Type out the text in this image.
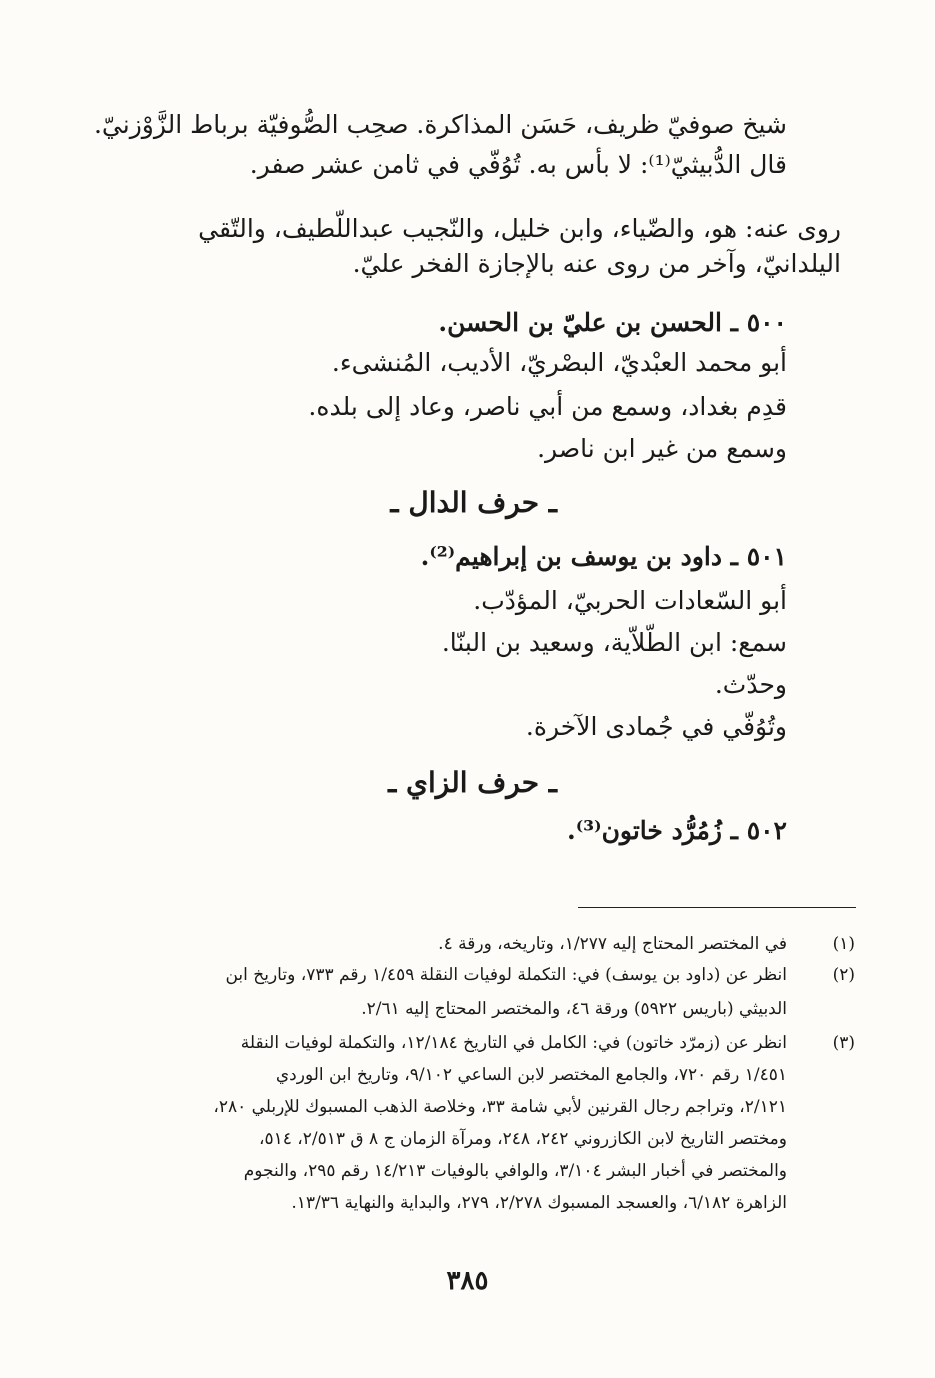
شيخ صوفيّ ظريف، حَسَن المذاكرة. صحِب الصُّوفيّة برباط الزَّوْزنيّ.
قال الدُّبيثيّ⁽¹⁾: لا بأس به. تُوُفّي في ثامن عشر صفر.
روى عنه: هو، والضّياء، وابن خليل، والنّجيب عبداللّطيف، والتّقي
اليلدانيّ، وآخر من روى عنه بالإجازة الفخر عليّ.
٥٠٠ ـ الحسن بن عليّ بن الحسن.
أبو محمد العبْديّ، البصْريّ، الأديب، المُنشىء.
قدِم بغداد، وسمع من أبي ناصر، وعاد إلى بلده.
وسمع من غير ابن ناصر.
ـ حرف الدال ـ
٥٠١ ـ داود بن يوسف بن إبراهيم⁽²⁾.
أبو السّعادات الحربيّ، المؤدّب.
سمع: ابن الطّلاّية، وسعيد بن البنّا.
وحدّث.
وتُوُفّي في جُمادى الآخرة.
ـ حرف الزاي ـ
٥٠٢ ـ زُمُرُّد خاتون⁽³⁾.
(١)
في المختصر المحتاج إليه ١/٢٧٧، وتاريخه، ورقة ٤.
(٢)
انظر عن (داود بن يوسف) في: التكملة لوفيات النقلة ١/٤٥٩ رقم ٧٣٣، وتاريخ ابن
الدبيثي (باريس ٥٩٢٢) ورقة ٤٦، والمختصر المحتاج إليه ٢/٦١.
(٣)
انظر عن (زمرّد خاتون) في: الكامل في التاريخ ١٢/١٨٤، والتكملة لوفيات النقلة
١/٤٥١ رقم ٧٢٠، والجامع المختصر لابن الساعي ٩/١٠٢، وتاريخ ابن الوردي
٢/١٢١، وتراجم رجال القرنين لأبي شامة ٣٣، وخلاصة الذهب المسبوك للإربلي ٢٨٠،
ومختصر التاريخ لابن الكازروني ٢٤٢، ٢٤٨، ومرآة الزمان ج ٨ ق ٢/٥١٣، ٥١٤،
والمختصر في أخبار البشر ٣/١٠٤، والوافي بالوفيات ١٤/٢١٣ رقم ٢٩٥، والنجوم
الزاهرة ٦/١٨٢، والعسجد المسبوك ٢/٢٧٨، ٢٧٩، والبداية والنهاية ١٣/٣٦.
٣٨٥
